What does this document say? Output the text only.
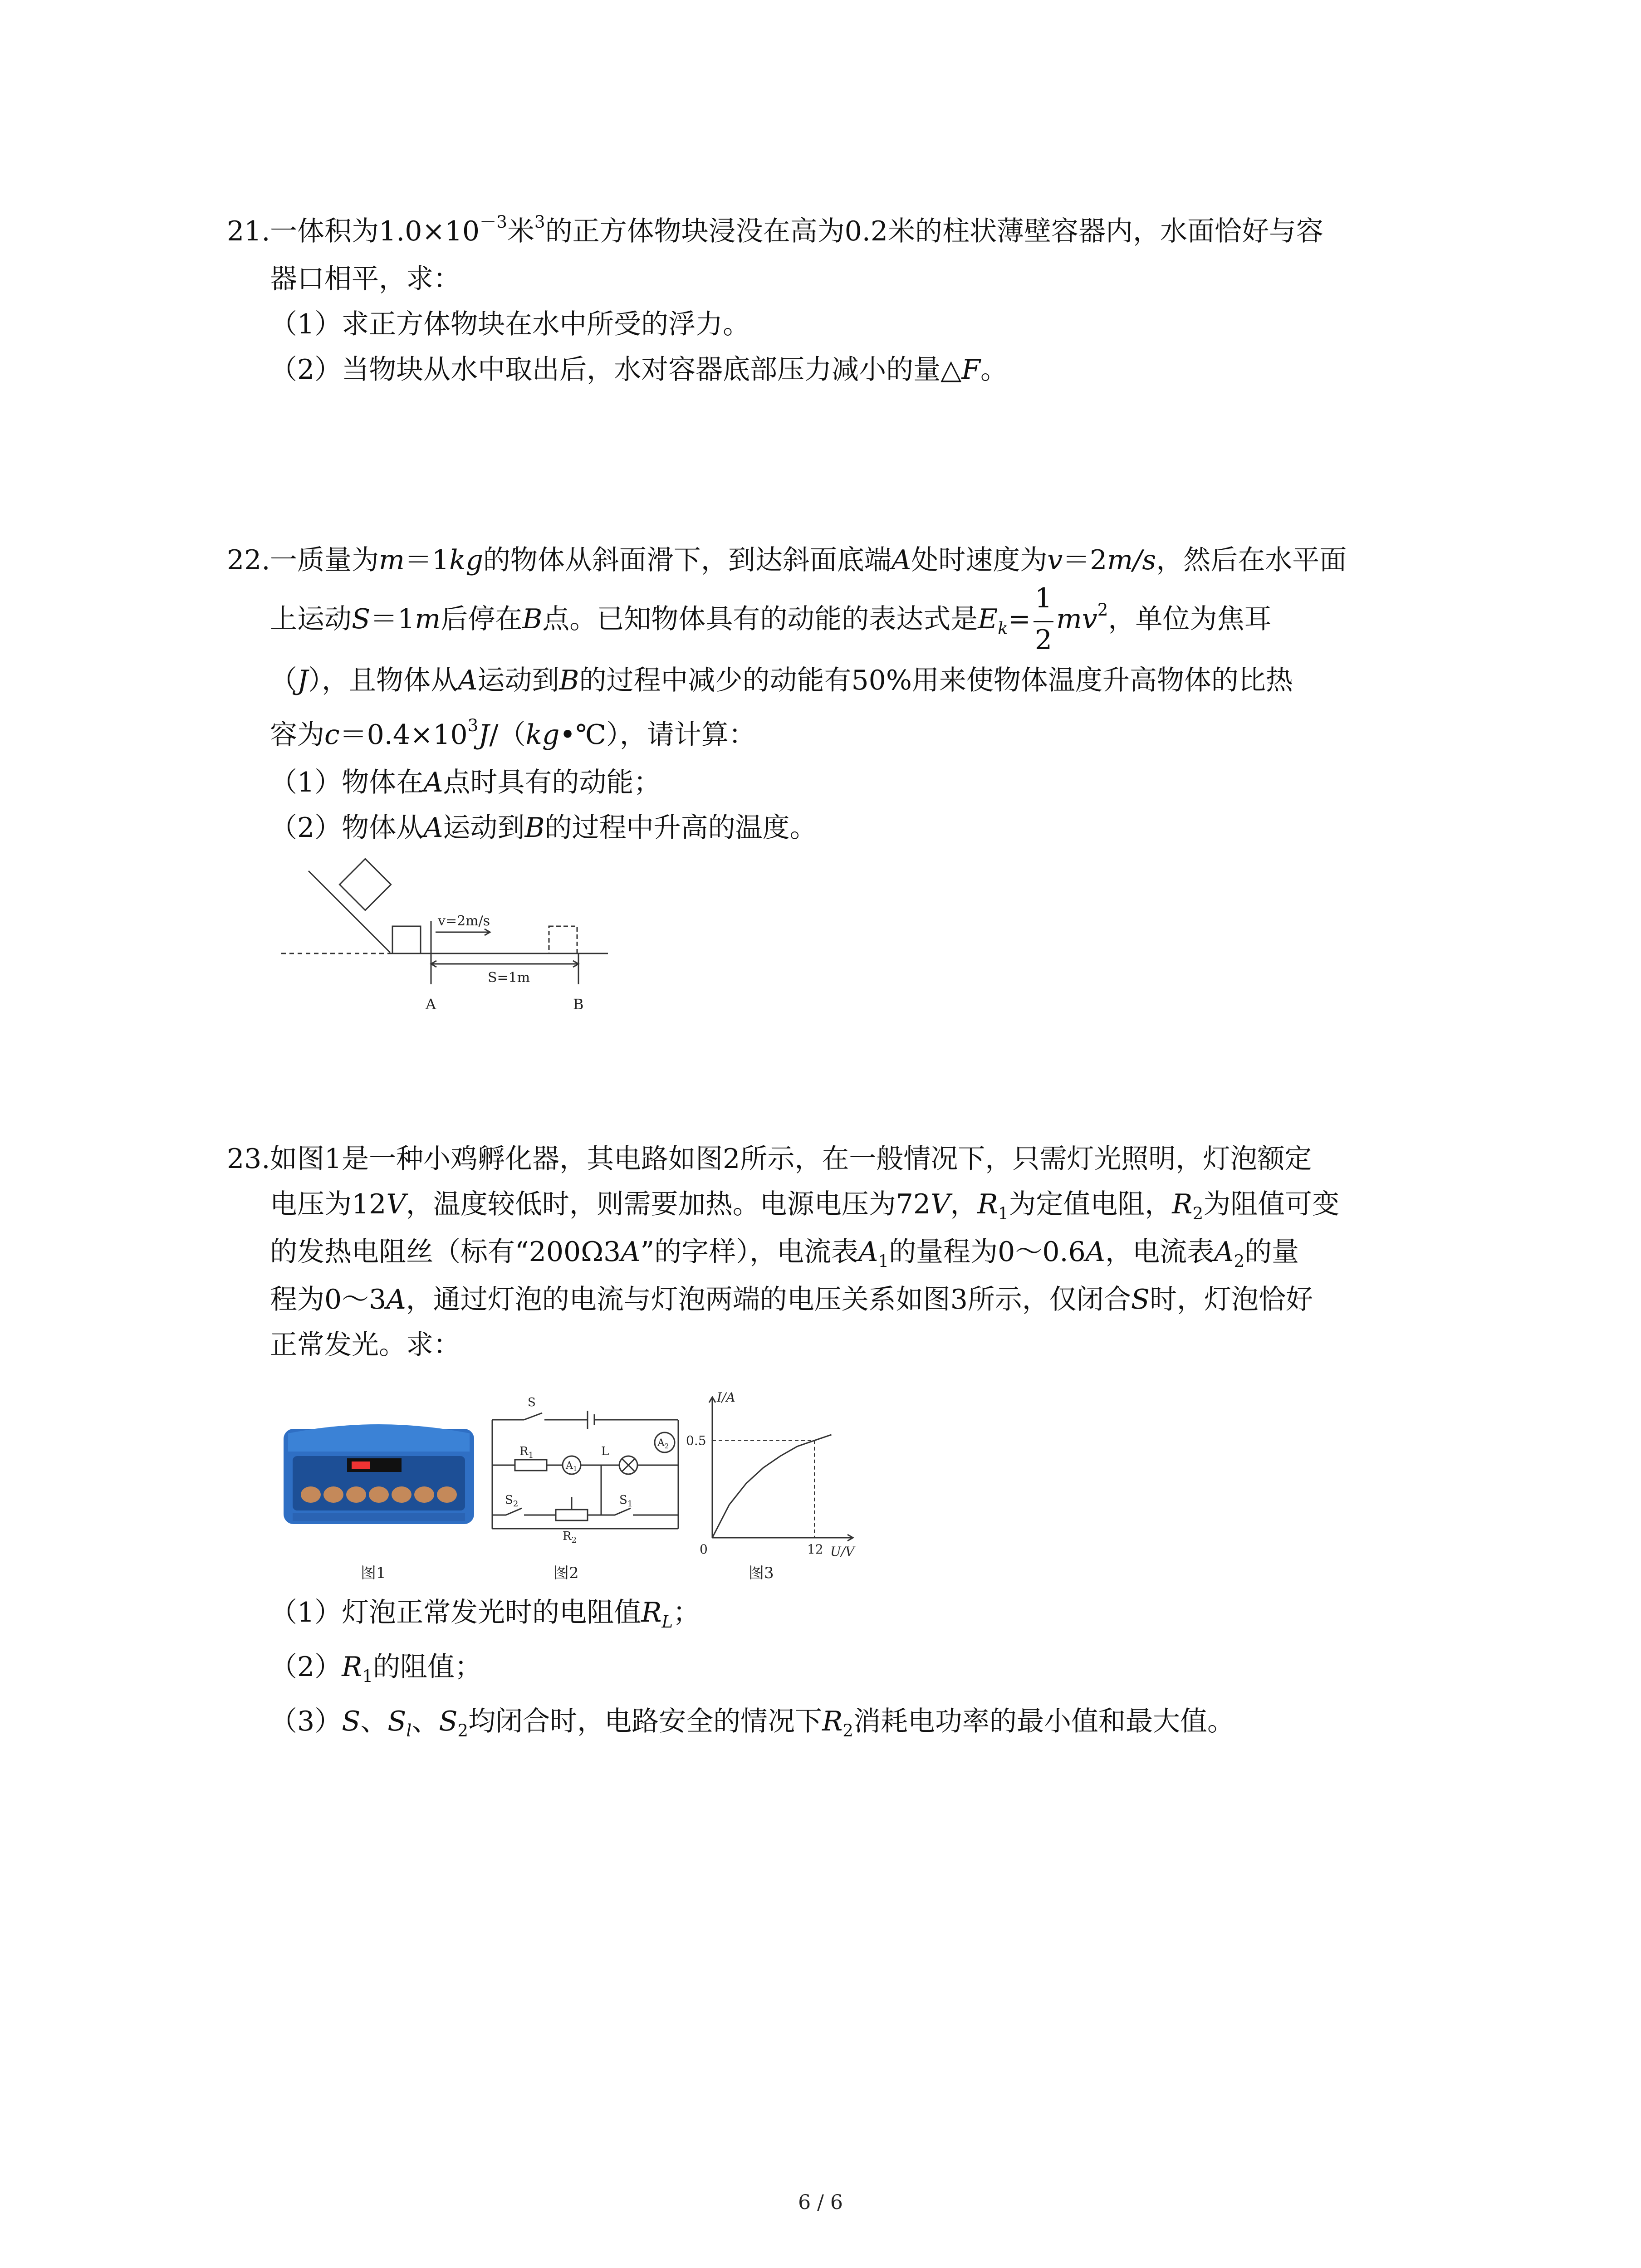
21. 一体积为$1.0\times 10^{-3}$米$^3$的正方体物块浸没在高为0.2米的柱状薄壁容器内，水面恰好与容
器口相平，求：
（1）求正方体物块在水中所受的浮力。
（2）当物块从水中取出后，水对容器底部压力减小的量△F。
22. 一质量为m＝1kg的物体从斜面滑下，到达斜面底端A处时速度为v＝2m/s，然后在水平面
上运动S＝1m后停在B点。已知物体具有的动能的表达式是$E_k= \frac{1}{2} mv^2$，单位为焦耳
（J），且物体从A运动到B的过程中减少的动能有50%用来使物体温度升高物体的比热
容为$c=0.4\times 10^3J/(kg•℃)$，请计算：
（1）物体在A点时具有的动能；
（2）物体从A运动到B的过程中升高的温度。
v=2m/s
S=1m
A	B
23. 如图1是一种小鸡孵化器，其电路如图2所示，在一般情况下，只需灯光照明，灯泡额定
电压为12V，温度较低时，则需要加热。电源电压为72V，$R_1$为定值电阻，$R_2$为阻值可变
的发热电阻丝（标有“200Ω3A”的字样），电流表$A_1$的量程为0～0.6A，电流表$A_2$的量
程为0～3A，通过灯泡的电流与灯泡两端的电压关系如图3所示，仅闭合S时，灯泡恰好
正常发光。求：
（1）灯泡正常发光时的电阻值$R_L$；
$(2)R_1$的阻值；
（3）S、$S_l$、$S_2$均闭合时，电路安全的情况下$R_2$消耗电功率的最小值和最大值。
图1
S
$R_1$
$A_1$
L
$A_2$
$S_2$
$R_2$
$S_1$
图2
I/A
U/V
0.5
12
0
图3
6 / 6
